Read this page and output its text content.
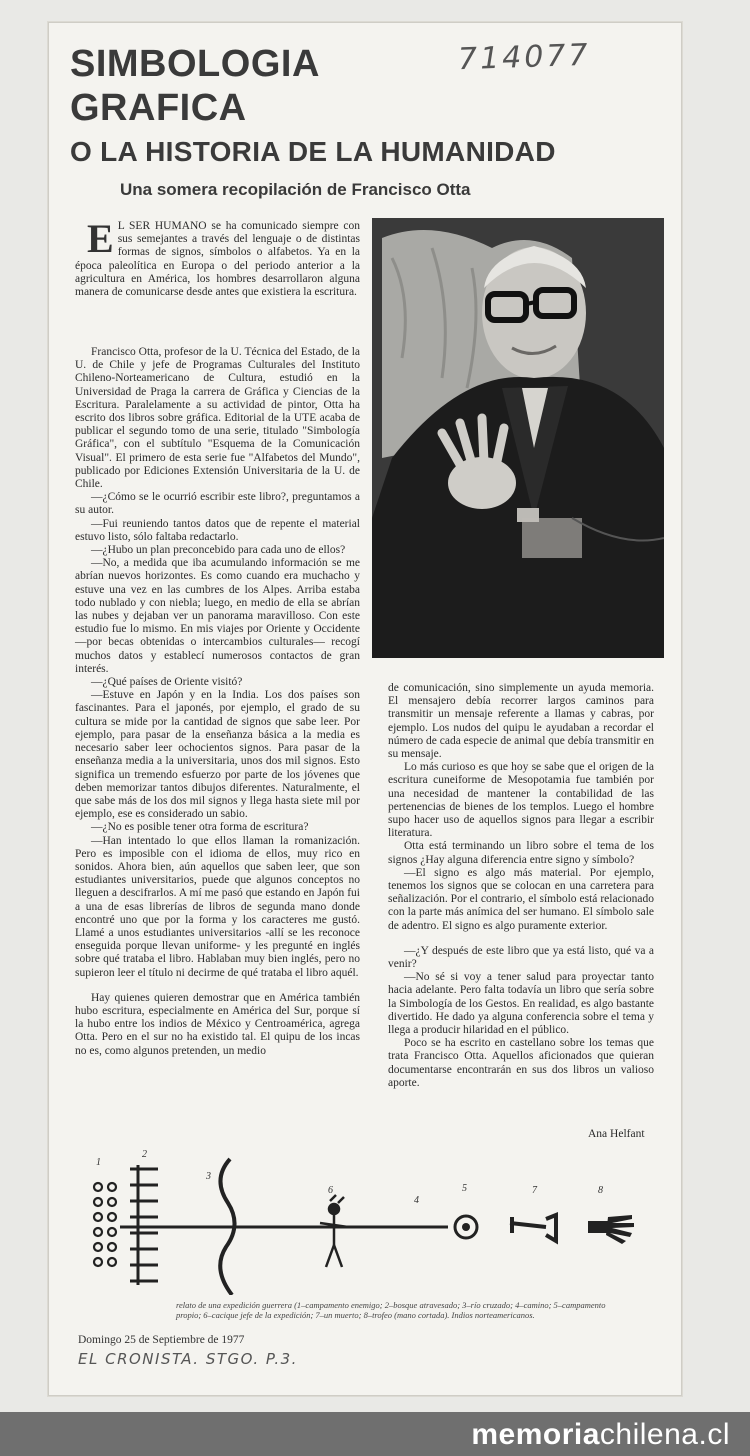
SIMBOLOGIA
GRAFICA
O LA HISTORIA DE LA HUMANIDAD
Una somera recopilación de Francisco Otta
714077
E L SER HUMANO se ha comunicado siempre con sus semejantes a través del lenguaje o de distintas formas de signos, símbolos o alfabetos. Ya en la época paleolítica en Europa o del periodo anterior a la agricultura en América, los hombres desarrollaron alguna manera de comunicarse desde antes que existiera la escritura.

Francisco Otta, profesor de la U. Técnica del Estado, de la U. de Chile y jefe de Programas Culturales del Instituto Chileno-Norteamericano de Cultura, estudió en la Universidad de Praga la carrera de Gráfica y Ciencias de la Escritura. Paralelamente a su actividad de pintor, Otta ha escrito dos libros sobre gráfica. Editorial de la UTE acaba de publicar el segundo tomo de una serie, titulado "Simbología Gráfica", con el subtítulo "Esquema de la Comunicación Visual". El primero de esta serie fue "Alfabetos del Mundo", publicado por Ediciones Extensión Universitaria de la U. de Chile.

—¿Cómo se le ocurrió escribir este libro?, preguntamos a su autor.

—Fui reuniendo tantos datos que de repente el material estuvo listo, sólo faltaba redactarlo.

—¿Hubo un plan preconcebido para cada uno de ellos?

—No, a medida que iba acumulando información se me abrían nuevos horizontes. Es como cuando era muchacho y estuve una vez en las cumbres de los Alpes. Arriba estaba todo nublado y con niebla; luego, en medio de ella se abrían las nubes y dejaban ver un panorama maravilloso. Con este estudio fue lo mismo. En mis viajes por Oriente y Occidente —por becas obtenidas o intercambios culturales— recogí muchos datos y establecí numerosos contactos de gran interés.

—¿Qué países de Oriente visitó?

—Estuve en Japón y en la India. Los dos países son fascinantes. Para el japonés, por ejemplo, el grado de su cultura se mide por la cantidad de signos que sabe leer. Por ejemplo, para pasar de la enseñanza básica a la media es necesario saber leer ochocientos signos. Para pasar de la enseñanza media a la universitaria, unos dos mil signos. Esto significa un tremendo esfuerzo por parte de los jóvenes que deben memorizar tantos dibujos diferentes. Naturalmente, el que sabe más de los dos mil signos y llega hasta siete mil por ejemplo, ese es considerado un sabio.

—¿No es posible tener otra forma de escritura?

—Han intentado lo que ellos llaman la romanización. Pero es imposible con el idioma de ellos, muy rico en sonidos. Ahora bien, aún aquellos que saben leer, que son estudiantes universitarios, puede que algunos conceptos no lleguen a descifrarlos. A mí me pasó que estando en Japón fui a una de esas librerías de libros de segunda mano donde encontré uno que por la forma y los caracteres me gustó. Llamé a unos estudiantes universitarios -allí se les reconoce enseguida porque llevan uniforme- y les pregunté en inglés sobre qué trataba el libro. Hablaban muy bien inglés, pero no supieron leer el título ni decirme de qué trataba el libro aquél.

Hay quienes quieren demostrar que en América también hubo escritura, especialmente en América del Sur, porque sí la hubo entre los indios de México y Centroamérica, agrega Otta. Pero en el sur no ha existido tal. El quipu de los incas no es, como algunos pretenden, un medio

de comunicación, sino simplemente un ayuda memoria. El mensajero debía recorrer largos caminos para transmitir un mensaje referente a llamas y cabras, por ejemplo. Los nudos del quipu le ayudaban a recordar el número de cada especie de animal que debía transmitir en su mensaje.

Lo más curioso es que hoy se sabe que el origen de la escritura cuneiforme de Mesopotamia fue también por una necesidad de mantener la contabilidad de las pertenencias de bienes de los templos. Luego el hombre supo hacer uso de aquellos signos para llegar a escribir literatura.

Otta está terminando un libro sobre el tema de los signos ¿Hay alguna diferencia entre signo y símbolo?

—El signo es algo más material. Por ejemplo, tenemos los signos que se colocan en una carretera para señalización. Por el contrario, el símbolo está relacionado con la parte más anímica del ser humano. El símbolo sale de adentro. El signo es algo puramente exterior.

—¿Y después de este libro que ya está listo, qué va a venir?

—No sé si voy a tener salud para proyectar tanto hacia adelante. Pero falta todavía un libro que sería sobre la Simbología de los Gestos. En realidad, es algo bastante divertido. He dado ya alguna conferencia sobre el tema y llega a producir hilaridad en el público.

Poco se ha escrito en castellano sobre los temas que trata Francisco Otta. Aquellos aficionados que quieran documentarse encontrarán en sus dos libros un valioso aporte.

Ana Helfant
1
2
3
4
5
6	7	8
relato de una expedición guerrera (1–campamento enemigo; 2–bosque atravesado; 3–río cruzado; 4–camino; 5–campamento propio; 6–cacique jefe de la expedición; 7–un muerto; 8–trofeo (mano cortada). Indios norteamericanos.
Domingo 25 de Septiembre de 1977
EL CRONISTA. STGO. P.3.
memoriachilena.cl
